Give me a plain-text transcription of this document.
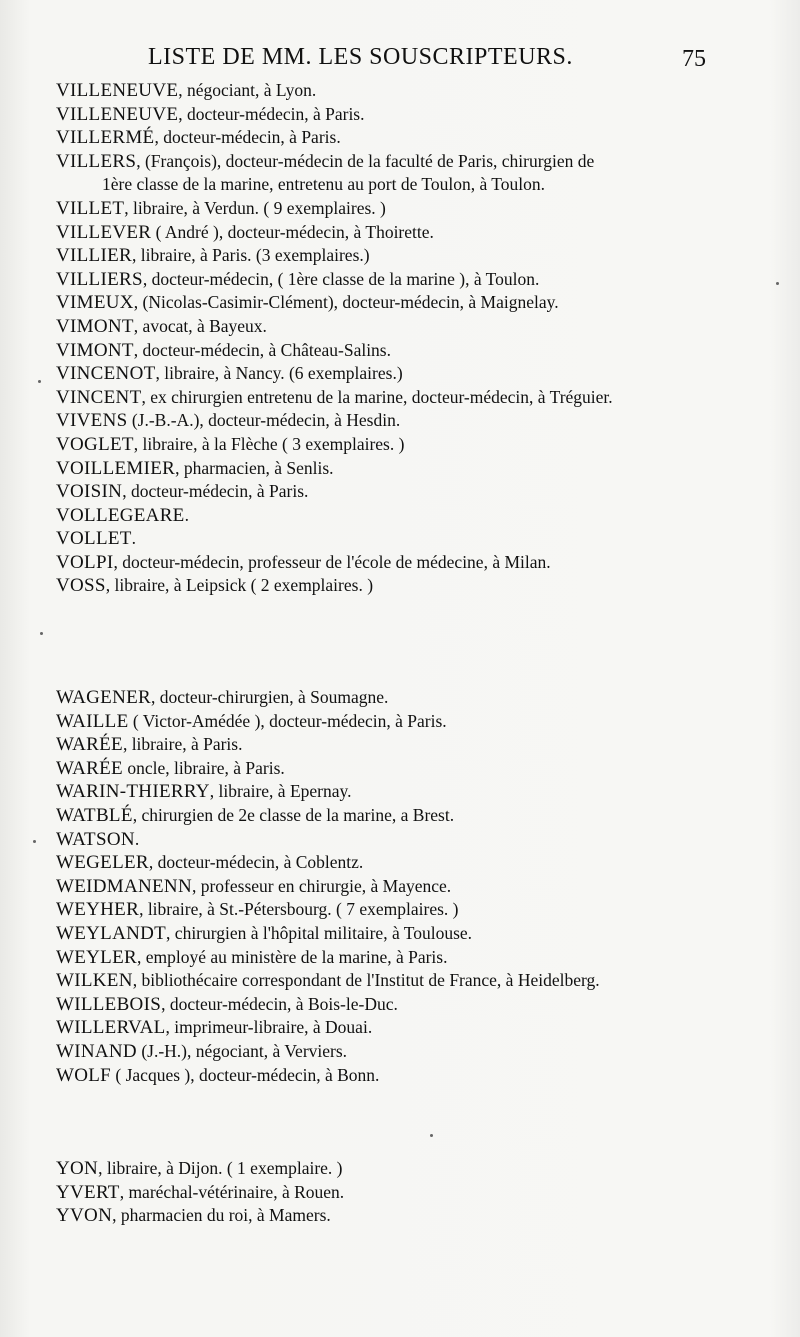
LISTE DE MM. LES SOUSCRIPTEURS.	75
VILLENEUVE, négociant, à Lyon.
VILLENEUVE, docteur-médecin, à Paris.
VILLERMÉ, docteur-médecin, à Paris.
VILLERS, (François), docteur-médecin de la faculté de Paris, chirurgien de
1ère classe de la marine, entretenu au port de Toulon, à Toulon.
VILLET, libraire, à Verdun. ( 9 exemplaires. )
VILLEVER ( André ), docteur-médecin, à Thoirette.
VILLIER, libraire, à Paris. (3 exemplaires.)
VILLIERS, docteur-médecin, ( 1ère classe de la marine ), à Toulon.
VIMEUX, (Nicolas-Casimir-Clément), docteur-médecin, à Maignelay.
VIMONT, avocat, à Bayeux.
VIMONT, docteur-médecin, à Château-Salins.
VINCENOT, libraire, à Nancy. (6 exemplaires.)
VINCENT, ex chirurgien entretenu de la marine, docteur-médecin, à Tréguier.
VIVENS (J.-B.-A.), docteur-médecin, à Hesdin.
VOGLET, libraire, à la Flèche ( 3 exemplaires. )
VOILLEMIER, pharmacien, à Senlis.
VOISIN, docteur-médecin, à Paris.
VOLLEGEARE.
VOLLET.
VOLPI, docteur-médecin, professeur de l'école de médecine, à Milan.
VOSS, libraire, à Leipsick ( 2 exemplaires. )
WAGENER, docteur-chirurgien, à Soumagne.
WAILLE ( Victor-Amédée ), docteur-médecin, à Paris.
WARÉE, libraire, à Paris.
WARÉE oncle, libraire, à Paris.
WARIN-THIERRY, libraire, à Epernay.
WATBLÉ, chirurgien de 2e classe de la marine, a Brest.
WATSON.
WEGELER, docteur-médecin, à Coblentz.
WEIDMANENN, professeur en chirurgie, à Mayence.
WEYHER, libraire, à St.-Pétersbourg. ( 7 exemplaires. )
WEYLANDT, chirurgien à l'hôpital militaire, à Toulouse.
WEYLER, employé au ministère de la marine, à Paris.
WILKEN, bibliothécaire correspondant de l'Institut de France, à Heidelberg.
WILLEBOIS, docteur-médecin, à Bois-le-Duc.
WILLERVAL, imprimeur-libraire, à Douai.
WINAND (J.-H.), négociant, à Verviers.
WOLF ( Jacques ), docteur-médecin, à Bonn.
YON, libraire, à Dijon. ( 1 exemplaire. )
YVERT, maréchal-vétérinaire, à Rouen.
YVON, pharmacien du roi, à Mamers.
